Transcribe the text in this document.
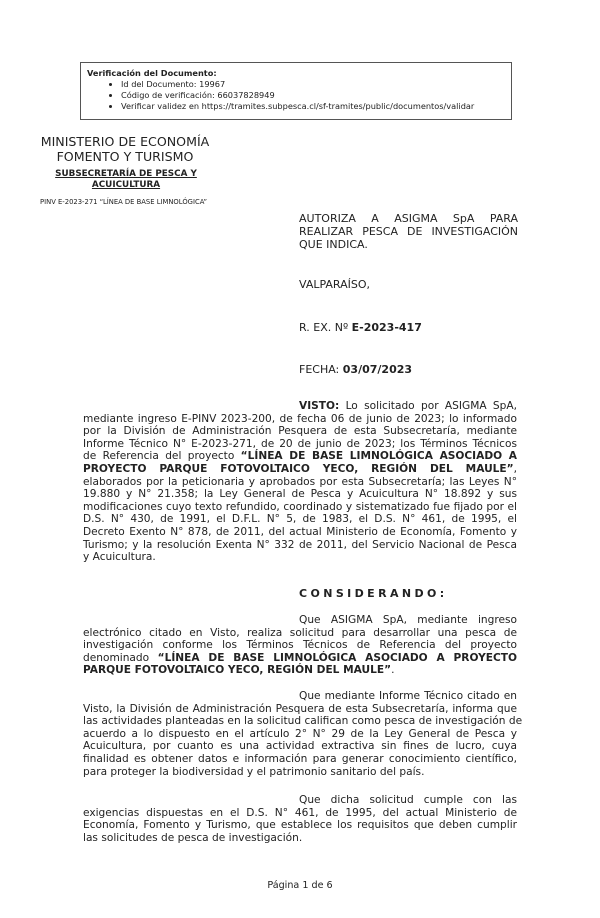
Verificación del Documento:
• Id del Documento: 19967
• Código de verificación: 66037828949
• Verificar validez en https://tramites.subpesca.cl/sf-tramites/public/documentos/validar
MINISTERIO DE ECONOMÍA
FOMENTO Y TURISMO
SUBSECRETARÍA DE PESCA Y
ACUICULTURA
PINV E-2023-271 “LÍNEA DE BASE LIMNOLÓGICA”
AUTORIZA A ASIGMA SpA PARA
REALIZAR PESCA DE INVESTIGACIÓN
QUE INDICA.
VALPARAÍSO,
R. EX. Nº E-2023-417
FECHA: 03/07/2023
VISTO: Lo solicitado por ASIGMA SpA,
mediante ingreso E-PINV 2023-200, de fecha 06 de junio de 2023; lo informado
por la División de Administración Pesquera de esta Subsecretaría, mediante
Informe Técnico N° E-2023-271, de 20 de junio de 2023; los Términos Técnicos
de Referencia del proyecto “LÍNEA DE BASE LIMNOLÓGICA ASOCIADO A
PROYECTO PARQUE FOTOVOLTAICO YECO, REGIÓN DEL MAULE”,
elaborados por la peticionaria y aprobados por esta Subsecretaría; las Leyes N°
19.880 y N° 21.358; la Ley General de Pesca y Acuicultura N° 18.892 y sus
modificaciones cuyo texto refundido, coordinado y sistematizado fue fijado por el
D.S. N° 430, de 1991, el D.F.L. N° 5, de 1983, el D.S. N° 461, de 1995, el
Decreto Exento N° 878, de 2011, del actual Ministerio de Economía, Fomento y
Turismo; y la resolución Exenta N° 332 de 2011, del Servicio Nacional de Pesca
y Acuicultura.
CONSIDERANDO:
Que ASIGMA SpA, mediante ingreso
electrónico citado en Visto, realiza solicitud para desarrollar una pesca de
investigación conforme los Términos Técnicos de Referencia del proyecto
denominado “LÍNEA DE BASE LIMNOLÓGICA ASOCIADO A PROYECTO
PARQUE FOTOVOLTAICO YECO, REGIÓN DEL MAULE”.
Que mediante Informe Técnico citado en
Visto, la División de Administración Pesquera de esta Subsecretaría, informa que
las actividades planteadas en la solicitud califican como pesca de investigación de
acuerdo a lo dispuesto en el artículo 2° N° 29 de la Ley General de Pesca y
Acuicultura, por cuanto es una actividad extractiva sin fines de lucro, cuya
finalidad es obtener datos e información para generar conocimiento científico,
para proteger la biodiversidad y el patrimonio sanitario del país.
Que dicha solicitud cumple con las
exigencias dispuestas en el D.S. N° 461, de 1995, del actual Ministerio de
Economía, Fomento y Turismo, que establece los requisitos que deben cumplir
las solicitudes de pesca de investigación.
Página 1 de 6
